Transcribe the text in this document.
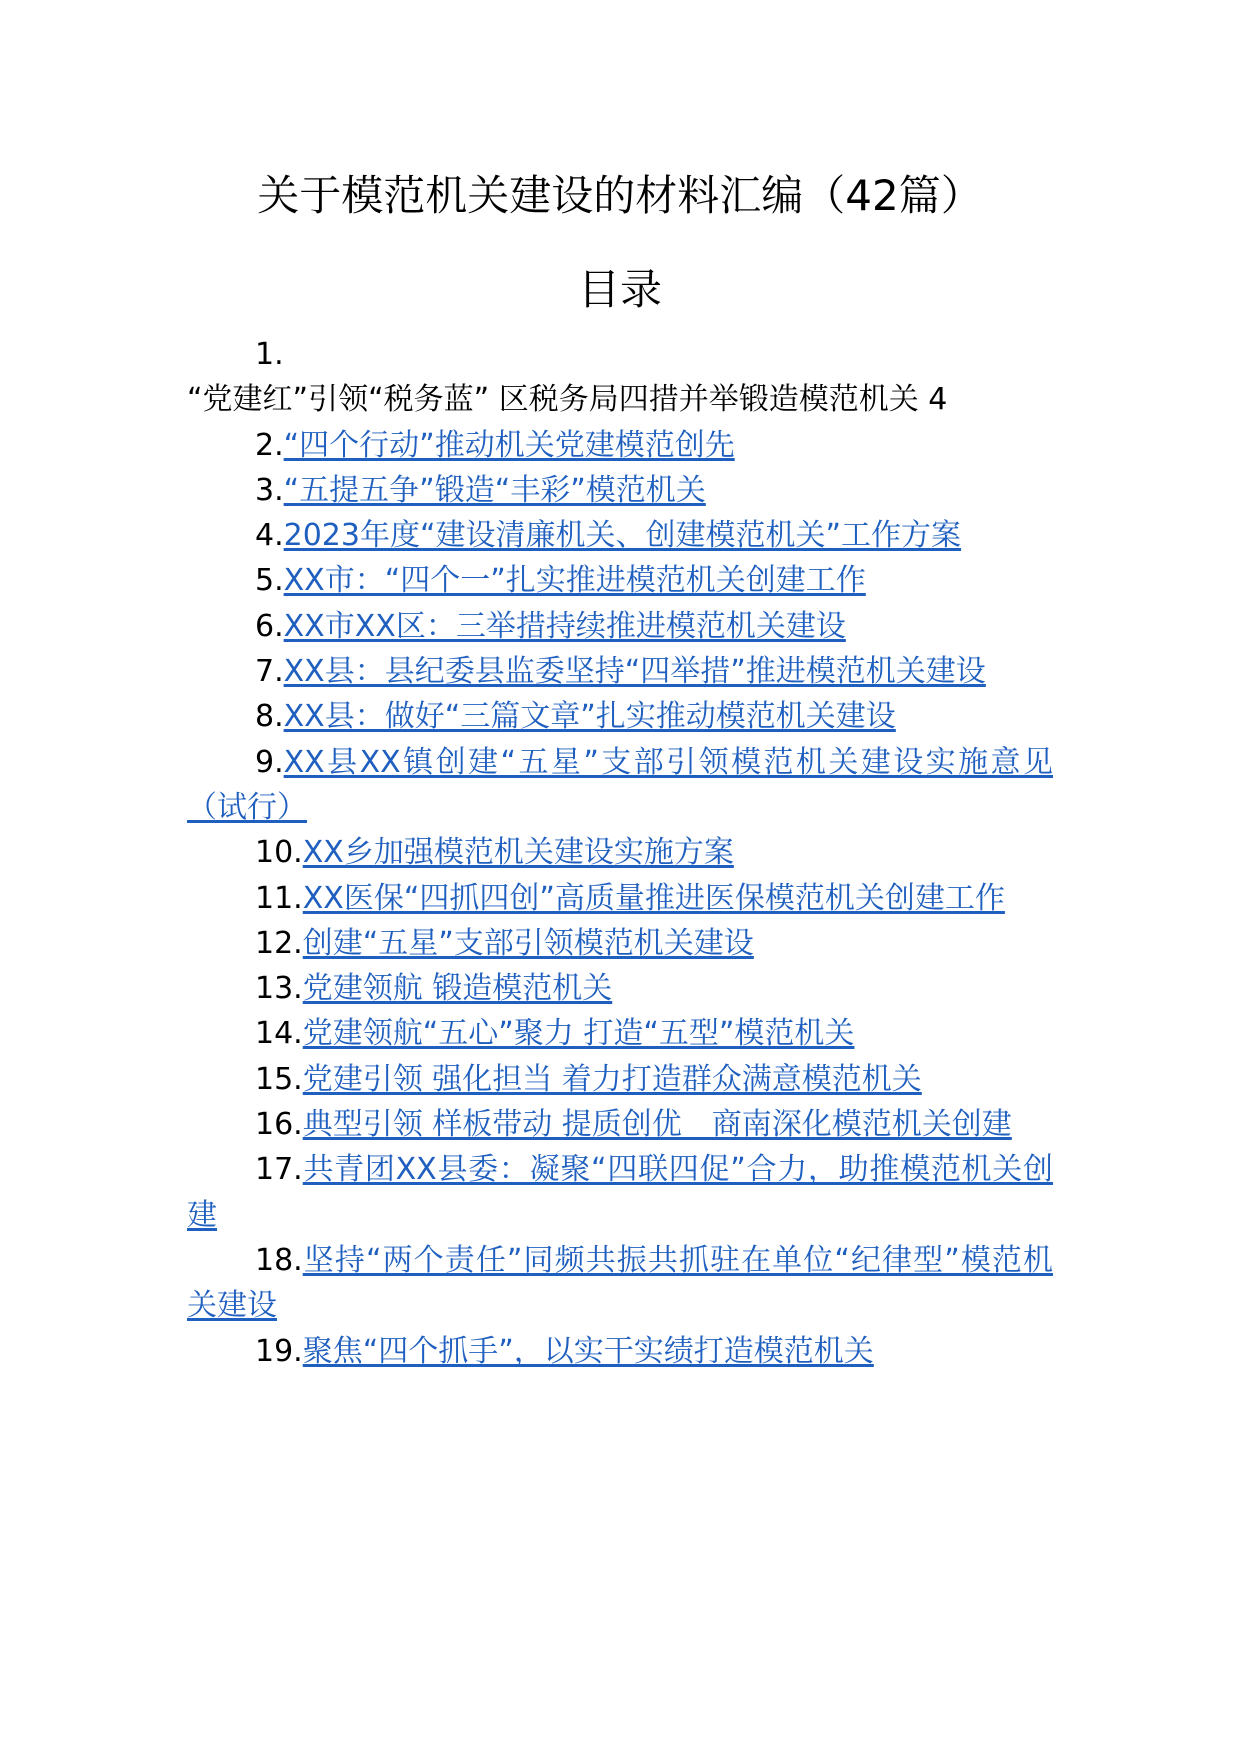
关于模范机关建设的材料汇编（42篇）
目录

1.
“党建红”引领“税务蓝” 区税务局四措并举锻造模范机关 4

2.“四个行动”推动机关党建模范创先

3.“五提五争”锻造“丰彩”模范机关

4.2023年度“建设清廉机关、创建模范机关”工作方案

5.XX市：“四个一”扎实推进模范机关创建工作

6.XX市XX区：三举措持续推进模范机关建设

7.XX县：县纪委县监委坚持“四举措”推进模范机关建设

8.XX县：做好“三篇文章”扎实推动模范机关建设

9.XX县XX镇创建“五星”支部引领模范机关建设实施意见（试行）

10.XX乡加强模范机关建设实施方案

11.XX医保“四抓四创”高质量推进医保模范机关创建工作

12.创建“五星”支部引领模范机关建设

13.党建领航 锻造模范机关

14.党建领航“五心”聚力 打造“五型”模范机关

15.党建引领 强化担当 着力打造群众满意模范机关

16.典型引领 样板带动 提质创优　商南深化模范机关创建

17.共青团XX县委：凝聚“四联四促”合力，助推模范机关创建

18.坚持“两个责任”同频共振共抓驻在单位“纪律型”模范机关建设

19.聚焦“四个抓手”，以实干实绩打造模范机关
